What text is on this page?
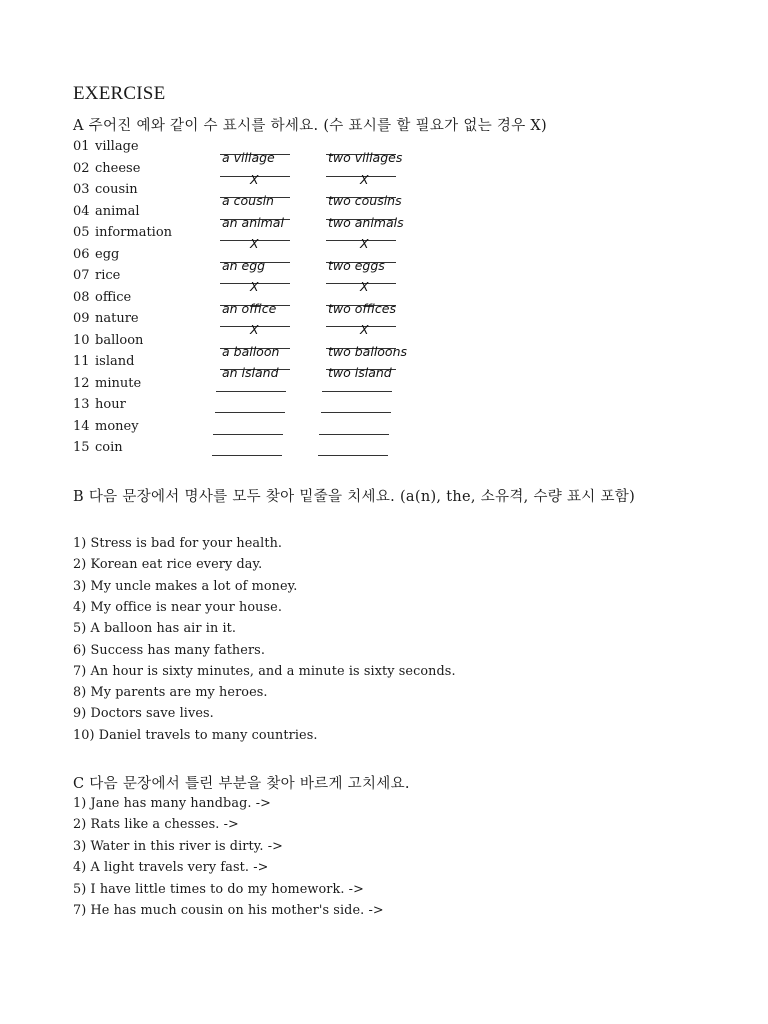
EXERCISE
A 주어진 예와 같이 수 표시를 하세요. (수 표시를 할 필요가 없는 경우 X)
01 village
a village	two villages
02 cheese
X	X
03 cousin
a cousin	two cousins
04 animal
an animal	two animals
05 information
X	X
06 egg
an egg	two eggs
07 rice
X	X
08 office
an office	two offices
09 nature
X	X
10 balloon
a balloon	two balloons
11 island
an island	two island
12 minute
13 hour
14 money
15 coin
B 다음 문장에서 명사를 모두 찾아 밑줄을 치세요. (a(n), the, 소유격, 수량 표시 포함)
1) Stress is bad for your health.
2) Korean eat rice every day.
3) My uncle makes a lot of money.
4) My office is near your house.
5) A balloon has air in it.
6) Success has many fathers.
7) An hour is sixty minutes, and a minute is sixty seconds.
8) My parents are my heroes.
9) Doctors save lives.
10) Daniel travels to many countries.
C 다음 문장에서 틀린 부분을 찾아 바르게 고치세요.
1) Jane has many handbag. ->
2) Rats like a chesses. ->
3) Water in this river is dirty. ->
4) A light travels very fast. ->
5) I have little times to do my homework. ->
7) He has much cousin on his mother's side. ->
